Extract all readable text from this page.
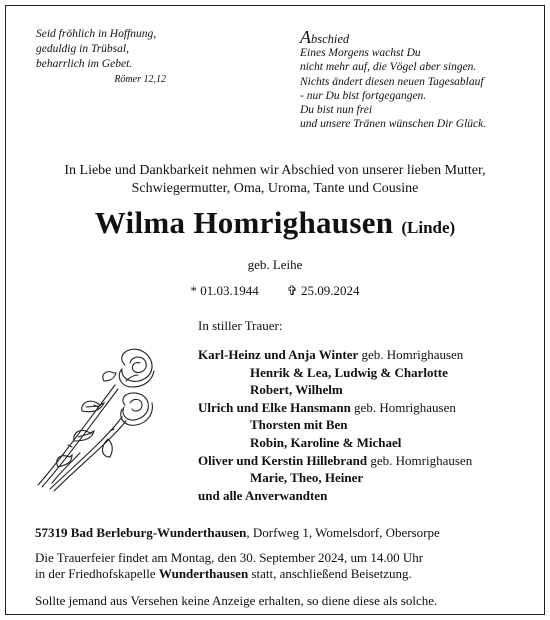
Seid fröhlich in Hoffnung,
geduldig in Trübsal,
beharrlich im Gebet.
Römer 12,12
Abschied
Eines Morgens wachst Du
nicht mehr auf, die Vögel aber singen.
Nichts ändert diesen neuen Tagesablauf
- nur Du bist fortgegangen.
Du bist nun frei
und unsere Tränen wünschen Dir Glück.
In Liebe und Dankbarkeit nehmen wir Abschied von unserer lieben Mutter,
Schwiegermutter, Oma, Uroma, Tante und Cousine
Wilma Homrighausen (Linde)
geb. Leihe
* 01.03.1944 ✞ 25.09.2024
In stiller Trauer:
Karl-Heinz und Anja Winter geb. Homrighausen
Henrik & Lea, Ludwig & Charlotte
Robert, Wilhelm
Ulrich und Elke Hansmann geb. Homrighausen
Thorsten mit Ben
Robin, Karoline & Michael
Oliver und Kerstin Hillebrand geb. Homrighausen
Marie, Theo, Heiner
und alle Anverwandten
57319 Bad Berleburg-Wunderthausen, Dorfweg 1, Womelsdorf, Obersorpe
Die Trauerfeier findet am Montag, den 30. September 2024, um 14.00 Uhr
in der Friedhofskapelle Wunderthausen statt, anschließend Beisetzung.
Sollte jemand aus Versehen keine Anzeige erhalten, so diene diese als solche.
